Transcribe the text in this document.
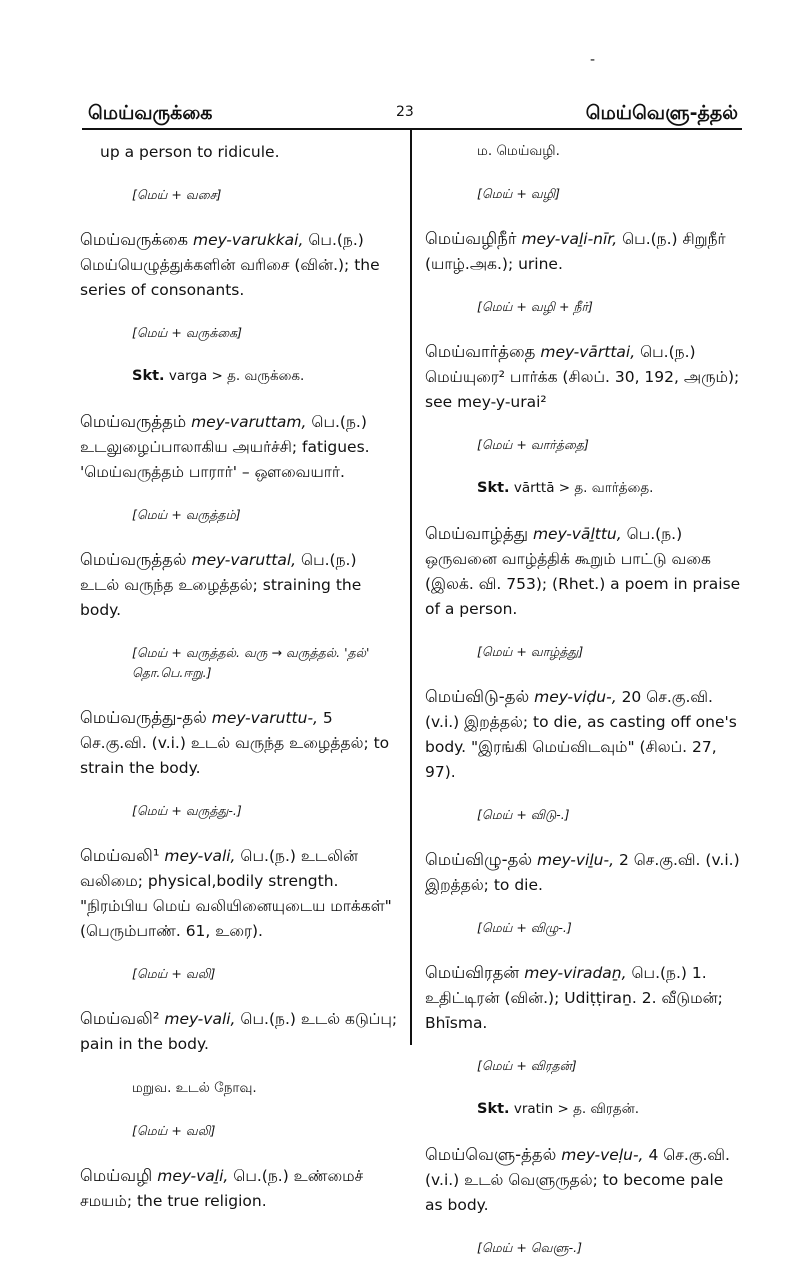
-
மெய்வருக்கை	23	மெய்வெளு-த்தல்
up a person to ridicule.
[மெய் + வசை]
மெய்வருக்கை mey-varukkai, பெ.(ந.) மெய்யெழுத்துக்களின் வரிசை (வின்.); the series of consonants.
[மெய் + வருக்கை]
Skt. varga > த. வருக்கை.
மெய்வருத்தம் mey-varuttam, பெ.(ந.) உடலுழைப்பாலாகிய அயர்ச்சி; fatigues. 'மெய்வருத்தம் பாரார்' – ஔவையார்.
[மெய் + வருத்தம்]
மெய்வருத்தல் mey-varuttal, பெ.(ந.) உடல் வருந்த உழைத்தல்; straining the body.
[மெய் + வருத்தல். வரு → வருத்தல். 'தல்' தொ.பெ.ஈறு.]
மெய்வருத்து-தல் mey-varuttu-, 5 செ.கு.வி. (v.i.) உடல் வருந்த உழைத்தல்; to strain the body.
[மெய் + வருத்து-.]
மெய்வலி¹ mey-vali, பெ.(ந.) உடலின் வலிமை; physical,bodily strength. "நிரம்பிய மெய் வலியினையுடைய மாக்கள்" (பெரும்பாண். 61, உரை).
[மெய் + வலி]
மெய்வலி² mey-vali, பெ.(ந.) உடல் கடுப்பு; pain in the body.
மறுவ. உடல் நோவு.
[மெய் + வலி]
மெய்வழி mey-vaḻi, பெ.(ந.) உண்மைச் சமயம்; the true religion.
ம. மெய்வழி.
[மெய் + வழி]
மெய்வழிநீர் mey-vaḻi-nīr, பெ.(ந.) சிறுநீர் (யாழ்.அக.); urine.
[மெய் + வழி + நீர்]
மெய்வார்த்தை mey-vārttai, பெ.(ந.) மெய்யுரை² பார்க்க (சிலப். 30, 192, அரும்); see mey-y-urai²
[மெய் + வார்த்தை]
Skt. vārttā > த. வார்த்தை.
மெய்வாழ்த்து mey-vāḻttu, பெ.(ந.) ஒருவனை வாழ்த்திக் கூறும் பாட்டு வகை (இலக். வி. 753); (Rhet.) a poem in praise of a person.
[மெய் + வாழ்த்து]
மெய்விடு-தல் mey-viḍu-, 20 செ.கு.வி. (v.i.) இறத்தல்; to die, as casting off one's body. "இரங்கி மெய்விடவும்" (சிலப். 27, 97).
[மெய் + விடு-.]
மெய்விழு-தல் mey-viḻu-, 2 செ.கு.வி. (v.i.) இறத்தல்; to die.
[மெய் + விழு-.]
மெய்விரதன் mey-viradaṉ, பெ.(ந.) 1. உதிட்டிரன் (வின்.); Udiṭṭiraṉ. 2. வீடுமன்; Bhīsma.
[மெய் + விரதன்]
Skt. vratin > த. விரதன்.
மெய்வெளு-த்தல் mey-veḷu-, 4 செ.கு.வி. (v.i.) உடல் வெளுருதல்; to become pale as body.
[மெய் + வெளு-.]
